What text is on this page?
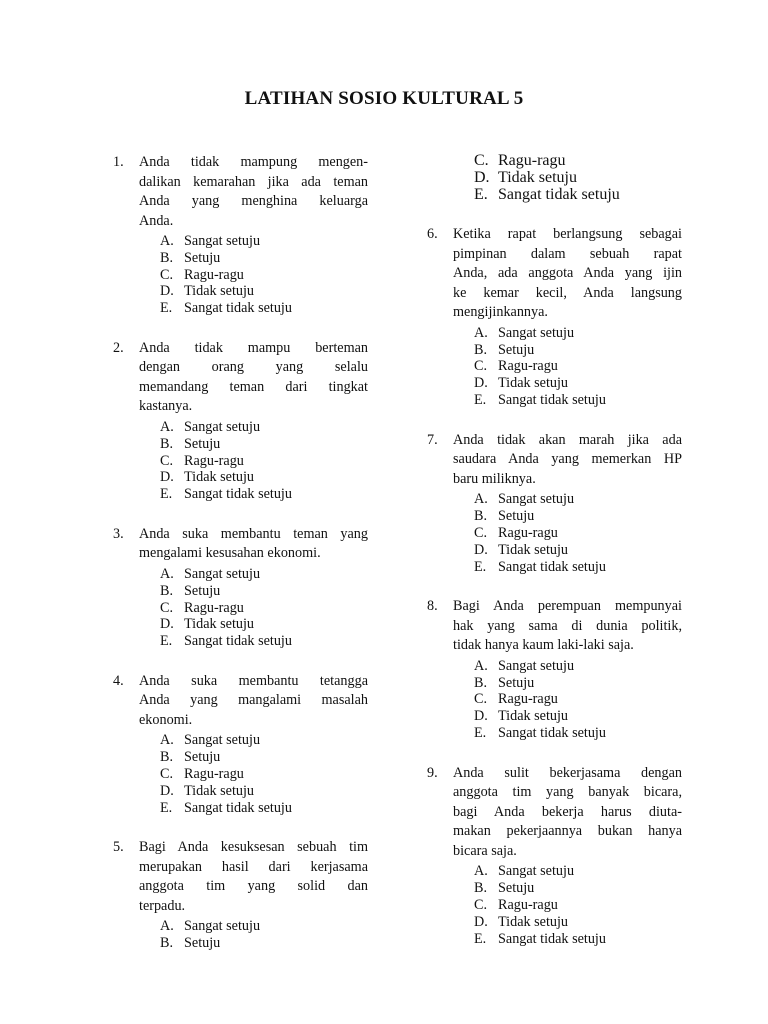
LATIHAN SOSIO KULTURAL 5
1.	Anda tidak mampung mengen-
dalikan kemarahan jika ada teman
Anda yang menghina keluarga
Anda.
A. Sangat setuju
B. Setuju
C. Ragu-ragu
D. Tidak setuju
E. Sangat tidak setuju
2.	Anda tidak mampu berteman
dengan orang yang selalu
memandang teman dari tingkat
kastanya.
A. Sangat setuju
B. Setuju
C. Ragu-ragu
D. Tidak setuju
E. Sangat tidak setuju
3.	Anda suka membantu teman yang
mengalami kesusahan ekonomi.
A. Sangat setuju
B. Setuju
C. Ragu-ragu
D. Tidak setuju
E. Sangat tidak setuju
4.	Anda suka membantu tetangga
Anda yang mangalami masalah
ekonomi.
A. Sangat setuju
B. Setuju
C. Ragu-ragu
D. Tidak setuju
E. Sangat tidak setuju
5.	Bagi Anda kesuksesan sebuah tim
merupakan hasil dari kerjasama
anggota tim yang solid dan
terpadu.
A. Sangat setuju
B. Setuju
C. Ragu-ragu
D. Tidak setuju
E. Sangat tidak setuju
6.	Ketika rapat berlangsung sebagai
pimpinan dalam sebuah rapat
Anda, ada anggota Anda yang ijin
ke kemar kecil, Anda langsung
mengijinkannya.
A. Sangat setuju
B. Setuju
C. Ragu-ragu
D. Tidak setuju
E. Sangat tidak setuju
7.	Anda tidak akan marah jika ada
saudara Anda yang memerkan HP
baru miliknya.
A. Sangat setuju
B. Setuju
C. Ragu-ragu
D. Tidak setuju
E. Sangat tidak setuju
8.	Bagi Anda perempuan mempunyai
hak yang sama di dunia politik,
tidak hanya kaum laki-laki saja.
A. Sangat setuju
B. Setuju
C. Ragu-ragu
D. Tidak setuju
E. Sangat tidak setuju
9.	Anda sulit bekerjasama dengan
anggota tim yang banyak bicara,
bagi Anda bekerja harus diuta-
makan pekerjaannya bukan hanya
bicara saja.
A. Sangat setuju
B. Setuju
C. Ragu-ragu
D. Tidak setuju
E. Sangat tidak setuju
